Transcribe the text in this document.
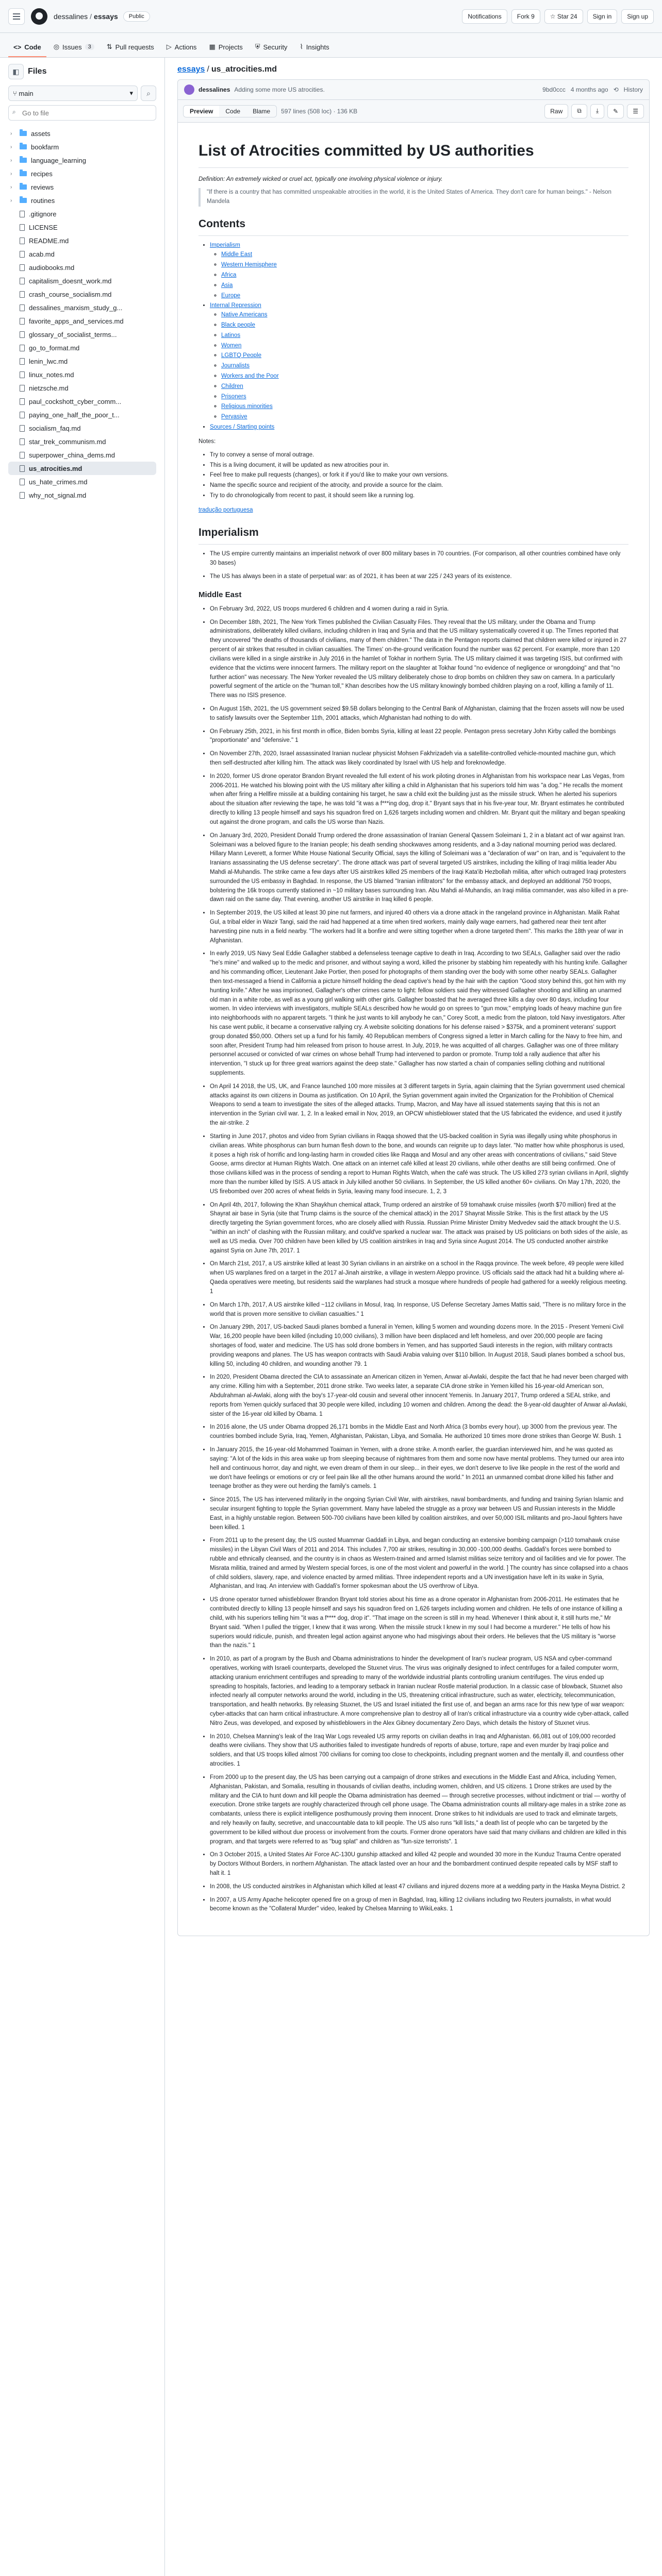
dessalines / essays	Public	Notifications	Fork
9	☆
Star
24	Sign in	Sign up
<> Code ◎ Issues	3	⇅ Pull requests ▷ Actions ▦ Projects ⛨ Security ⌇ Insights
◧	Files
⑂ main	▾	⌕
⌕
Go to file
›	assets
›	bookfarm
›	language_learning
›	recipes
›	reviews
›	routines
.gitignore
LICENSE
README.md
acab.md
audiobooks.md
capitalism_doesnt_work.md
crash_course_socialism.md
dessalines_marxism_study_g...
favorite_apps_and_services.md
glossary_of_socialist_terms...
go_to_format.md
lenin_lwc.md
linux_notes.md
nietzsche.md
paul_cockshott_cyber_comm...
paying_one_half_the_poor_t...
socialism_faq.md
star_trek_communism.md
superpower_china_dems.md
us_atrocities.md
us_hate_crimes.md
why_not_signal.md
essays / us_atrocities.md
dessalines Adding some more US atrocities.	9bd0ccc 4 months ago ⟲ History
Preview	Code	Blame	597 lines (508 loc) · 136 KB	Raw	⧉	⤓	✎	☰
List of Atrocities committed by US authorities

Definition: An extremely wicked or cruel act, typically one involving physical violence or injury.

"If there is a country that has committed unspeakable atrocities in the world, it is the United States of America. They don't care for human beings." - Nelson Mandela
Contents
• Imperialism
◦ Middle East
◦ Western Hemisphere
◦ Africa
◦ Asia
◦ Europe
• Internal Repression
◦ Native Americans
◦ Black people
◦ Latinos
◦ Women
◦ LGBTQ People
◦ Journalists
◦ Workers and the Poor
◦ Children
◦ Prisoners
◦ Religious minorities
◦ Pervasive
• Sources / Starting points

Notes:

• Try to convey a sense of moral outrage.
• This is a living document, it will be updated as new atrocities pour in.
• Feel free to make pull requests (changes), or fork it if you'd like to make your own versions.
• Name the specific source and recipient of the atrocity, and provide a source for the claim.
• Try to do chronologically from recent to past, it should seem like a running log.

tradução portuguesa

Imperialism
• The US empire currently maintains an imperialist network of over 800 military bases in 70 countries. (For comparison, all other countries combined have only 30 bases)
• The US has always been in a state of perpetual war: as of 2021, it has been at war 225 / 243 years of its existence.
Middle East
• On February 3rd, 2022, US troops murdered 6 children and 4 women during a raid in Syria.
• On December 18th, 2021, The New York Times published the Civilian Casualty Files. They reveal that the US military, under the Obama and Trump administrations, deliberately killed civilians, including children in Iraq and Syria and that the US military systematically covered it up. The Times reported that they uncovered "the deaths of thousands of civilians, many of them children." The data in the Pentagon reports claimed that children were killed or injured in 27 percent of air strikes that resulted in civilian casualties. The Times' on-the-ground verification found the number was 62 percent. For example, more than 120 civilians were killed in a single airstrike in July 2016 in the hamlet of Tokhar in northern Syria. The US military claimed it was targeting ISIS, but confirmed with evidence that the victims were innocent farmers. The military report on the slaughter at Tokhar found "no evidence of negligence or wrongdoing" and that "no further action" was necessary. The New Yorker revealed the US military deliberately chose to drop bombs on children they saw on camera. In a particularly powerful segment of the article on the "human toll," Khan describes how the US military knowingly bombed children playing on a roof, killing a family of 11. There was no ISIS presence.
• On August 15th, 2021, the US government seized $9.5B dollars belonging to the Central Bank of Afghanistan, claiming that the frozen assets will now be used to satisfy lawsuits over the September 11th, 2001 attacks, which Afghanistan had nothing to do with.
• On February 25th, 2021, in his first month in office, Biden bombs Syria, killing at least 22 people. Pentagon press secretary John Kirby called the bombings "proportionate" and "defensive." 1
• On November 27th, 2020, Israel assassinated Iranian nuclear physicist Mohsen Fakhrizadeh via a satellite-controlled vehicle-mounted machine gun, which then self-destructed after killing him. The attack was likely coordinated by Israel with US help and foreknowledge.
• In 2020, former US drone operator Brandon Bryant revealed the full extent of his work piloting drones in Afghanistan from his workspace near Las Vegas, from 2006-2011. He watched his blowing point with the US military after killing a child in Afghanistan that his superiors told him was "a dog." He recalls the moment when after firing a Hellfire missile at a building containing his target, he saw a child exit the building just as the missile struck. When he alerted his superiors about the situation after reviewing the tape, he was told "it was a f***ing dog, drop it." Bryant says that in his five-year tour, Mr. Bryant estimates he contributed directly to killing 13 people himself and says his squadron fired on 1,626 targets including women and children. Mr. Bryant quit the military and began speaking out against the drone program, and calls the US worse than Nazis.
• On January 3rd, 2020, President Donald Trump ordered the drone assassination of Iranian General Qassem Soleimani 1, 2 in a blatant act of war against Iran. Soleimani was a beloved figure to the Iranian people; his death sending shockwaves among residents, and a 3-day national mourning period was declared. Hillary Mann Leverett, a former White House National Security Official, says the killing of Soleimani was a "declaration of war" on Iran, and is "equivalent to the Iranians assassinating the US defense secretary". The drone attack was part of several targeted US airstrikes, including the killing of Iraqi militia leader Abu Mahdi al-Muhandis. The strike came a few days after US airstrikes killed 25 members of the Iraqi Kata'ib Hezbollah militia, after which outraged Iraqi protesters surrounded the US embassy in Baghdad. In response, the US blamed "Iranian infiltrators" for the embassy attack, and deployed an additional 750 troops, bolstering the 16k troops currently stationed in ~10 military bases surrounding Iran. Abu Mahdi al-Muhandis, an Iraqi militia commander, was also killed in a pre-dawn raid on the same day. That evening, another US airstrike in Iraq killed 6 people.
• In September 2019, the US killed at least 30 pine nut farmers, and injured 40 others via a drone attack in the rangeland province in Afghanistan. Malik Rahat Gul, a tribal elder in Wazir Tangi, said the raid had happened at a time when tired workers, mainly daily wage earners, had gathered near their tent after harvesting pine nuts in a field nearby. "The workers had lit a bonfire and were sitting together when a drone targeted them". This marks the 18th year of war in Afghanistan.
• In early 2019, US Navy Seal Eddie Gallagher stabbed a defenseless teenage captive to death in Iraq. According to two SEALs, Gallagher said over the radio "he's mine" and walked up to the medic and prisoner, and without saying a word, killed the prisoner by stabbing him repeatedly with his hunting knife. Gallagher and his commanding officer, Lieutenant Jake Portier, then posed for photographs of them standing over the body with some other nearby SEALs. Gallagher then text-messaged a friend in California a picture himself holding the dead captive's head by the hair with the caption "Good story behind this, got him with my hunting knife." After he was imprisoned, Gallagher's other crimes came to light: fellow soldiers said they witnessed Gallagher shooting and killing an unarmed old man in a white robe, as well as a young girl walking with other girls. Gallagher boasted that he averaged three kills a day over 80 days, including four women. In video interviews with investigators, multiple SEALs described how he would go on sprees to "gun mow," emptying loads of heavy machine gun fire into neighborhoods with no apparent targets. "I think he just wants to kill anybody he can," Corey Scott, a medic from the platoon, told Navy investigators. After his case went public, it became a conservative rallying cry. A website soliciting donations for his defense raised > $375k, and a prominent veterans' support group donated $50,000. Others set up a fund for his family. 40 Republican members of Congress signed a letter in March calling for the Navy to free him, and soon after, President Trump had him released from prison to house arrest. In July, 2019, he was acquitted of all charges. Gallagher was one of three military personnel accused or convicted of war crimes on whose behalf Trump had intervened to pardon or promote. Trump told a rally audience that after his intervention, "I stuck up for three great warriors against the deep state." Gallagher has now started a chain of companies selling clothing and nutritional supplements.
• On April 14 2018, the US, UK, and France launched 100 more missiles at 3 different targets in Syria, again claiming that the Syrian government used chemical attacks against its own citizens in Douma as justification. On 10 April, the Syrian government again invited the Organization for the Prohibition of Chemical Weapons to send a team to investigate the sites of the alleged attacks. Trump, Macron, and May have all issued statements saying that this is not an intervention in the Syrian civil war. 1, 2. In a leaked email in Nov, 2019, an OPCW whistleblower stated that the US fabricated the evidence, and used it justify the air-strike. 2
• Starting in June 2017, photos and video from Syrian civilians in Raqqa showed that the US-backed coalition in Syria was illegally using white phosphorus in civilian areas. White phosphorus can burn human flesh down to the bone, and wounds can reignite up to days later. "No matter how white phosphorus is used, it poses a high risk of horrific and long-lasting harm in crowded cities like Raqqa and Mosul and any other areas with concentrations of civilians," said Steve Goose, arms director at Human Rights Watch. One attack on an internet café killed at least 20 civilians, while other deaths are still being confirmed. One of those civilians killed was in the process of sending a report to Human Rights Watch, when the café was struck. The US killed 273 syrian civilians in April, slightly more than the number killed by ISIS. A US attack in July killed another 50 civilians. In September, the US killed another 60+ civilians. On May 17th, 2020, the US firebombed over 200 acres of wheat fields in Syria, leaving many food insecure. 1, 2, 3
• On April 4th, 2017, following the Khan Shaykhun chemical attack, Trump ordered an airstrike of 59 tomahawk cruise missiles (worth $70 million) fired at the Shayrat air base in Syria (site that Trump claims is the source of the chemical attack) in the 2017 Shayrat Missile Strike. This is the first attack by the US directly targeting the Syrian government forces, who are closely allied with Russia. Russian Prime Minister Dmitry Medvedev said the attack brought the U.S. "within an inch" of clashing with the Russian military, and could've sparked a nuclear war. The attack was praised by US politicians on both sides of the aisle, as well as US media. Over 700 children have been killed by US coalition airstrikes in Iraq and Syria since August 2014. The US conducted another airstrike against Syria on June 7th, 2017. 1
• On March 21st, 2017, a US airstrike killed at least 30 Syrian civilians in an airstrike on a school in the Raqqa province. The week before, 49 people were killed when US warplanes fired on a target in the 2017 al-Jinah airstrike, a village in western Aleppo province. US officials said the attack had hit a building where al-Qaeda operatives were meeting, but residents said the warplanes had struck a mosque where hundreds of people had gathered for a weekly religious meeting. 1
• On March 17th, 2017, A US airstrike killed ~112 civilians in Mosul, Iraq. In response, US Defense Secretary James Mattis said, "There is no military force in the world that is proven more sensitive to civilian casualties." 1
• On January 29th, 2017, US-backed Saudi planes bombed a funeral in Yemen, killing 5 women and wounding dozens more. In the 2015 - Present Yemeni Civil War, 16,200 people have been killed (including 10,000 civilians), 3 million have been displaced and left homeless, and over 200,000 people are facing shortages of food, water and medicine. The US has sold drone bombers in Yemen, and has supported Saudi interests in the region, with military contracts providing weapons and planes. The US has weapon contracts with Saudi Arabia valuing over $110 billion. In August 2018, Saudi planes bombed a school bus, killing 50, including 40 children, and wounding another 79. 1
• In 2020, President Obama directed the CIA to assassinate an American citizen in Yemen, Anwar al-Awlaki, despite the fact that he had never been charged with any crime. Killing him with a September, 2011 drone strike. Two weeks later, a separate CIA drone strike in Yemen killed his 16-year-old American son, Abdulrahman al-Awlaki, along with the boy's 17-year-old cousin and several other innocent Yemenis. In January 2017, Trump ordered a SEAL strike, and reports from Yemen quickly surfaced that 30 people were killed, including 10 women and children. Among the dead: the 8-year-old daughter of Anwar al-Awlaki, sister of the 16-year old killed by Obama. 1
• In 2016 alone, the US under Obama dropped 26,171 bombs in the Middle East and North Africa (3 bombs every hour), up 3000 from the previous year. The countries bombed include Syria, Iraq, Yemen, Afghanistan, Pakistan, Libya, and Somalia. He authorized 10 times more drone strikes than George W. Bush. 1
• In January 2015, the 16-year-old Mohammed Toaiman in Yemen, with a drone strike. A month earlier, the guardian interviewed him, and he was quoted as saying: "A lot of the kids in this area wake up from sleeping because of nightmares from them and some now have mental problems. They turned our area into hell and continuous horror, day and night, we even dream of them in our sleep... in their eyes, we don't deserve to live like people in the rest of the world and we don't have feelings or emotions or cry or feel pain like all the other humans around the world." In 2011 an unmanned combat drone killed his father and teenage brother as they were out herding the family's camels. 1
• Since 2015, The US has intervened militarily in the ongoing Syrian Civil War, with airstrikes, naval bombardments, and funding and training Syrian Islamic and secular insurgent fighting to topple the Syrian government. Many have labeled the struggle as a proxy war between US and Russian interests in the Middle East, in a highly unstable region. Between 500-700 civilians have been killed by coalition airstrikes, and over 50,000 ISIL militants and pro-Jaoul fighters have been killed. 1
• From 2011 up to the present day, the US ousted Muammar Gaddafi in Libya, and began conducting an extensive bombing campaign (>110 tomahawk cruise missiles) in the Libyan Civil Wars of 2011 and 2014. This includes 7,700 air strikes, resulting in 30,000 -100,000 deaths. Gaddafi's forces were bombed to rubble and ethnically cleansed, and the country is in chaos as Western-trained and armed Islamist militias seize territory and oil facilities and vie for power. The Misrata militia, trained and armed by Western special forces, is one of the most violent and powerful in the world. ] The country has since collapsed into a chaos of child soldiers, slavery, rape, and violence enacted by armed militias. Three independent reports and a UN investigation have left in its wake in Syria, Afghanistan, and Iraq. An interview with Gaddafi's former spokesman about the US overthrow of Libya.
• US drone operator turned whistleblower Brandon Bryant told stories about his time as a drone operator in Afghanistan from 2006-2011. He estimates that he contributed directly to killing 13 people himself and says his squadron fired on 1,626 targets including women and children. He tells of one instance of killing a child, with his superiors telling him "it was a f**** dog, drop it". "That image on the screen is still in my head. Whenever I think about it, it still hurts me," Mr Bryant said. "When I pulled the trigger, I knew that it was wrong. When the missile struck I knew in my soul I had become a murderer." He tells of how his superiors would ridicule, punish, and threaten legal action against anyone who had misgivings about their orders. He believes that the US military is "worse than the nazis." 1
• In 2010, as part of a program by the Bush and Obama administrations to hinder the development of Iran's nuclear program, US NSA and cyber-command operatives, working with Israeli counterparts, developed the Stuxnet virus. The virus was originally designed to infect centrifuges for a failed computer worm, attacking uranium enrichment centrifuges and spreading to many of the worldwide industrial plants controlling uranium centrifuges. The virus ended up spreading to hospitals, factories, and leading to a temporary setback in Iranian nuclear Rostle material production. In a classic case of blowback, Stuxnet also infected nearly all computer networks around the world, including in the US, threatening critical infrastructure, such as water, electricity, telecommunication, transportation, and health networks. By releasing Stuxnet, the US and Israel initiated the first use of, and began an arms race for this new type of war weapon: cyber-attacks that can harm critical infrastructure. A more comprehensive plan to destroy all of Iran's critical infrastructure via a country wide cyber-attack, called Nitro Zeus, was developed, and exposed by whistleblowers in the Alex Gibney documentary Zero Days, which details the history of Stuxnet virus.
• In 2010, Chelsea Manning's leak of the Iraq War Logs revealed US army reports on civilian deaths in Iraq and Afghanistan. 66,081 out of 109,000 recorded deaths were civilians. They show that US authorities failed to investigate hundreds of reports of abuse, torture, rape and even murder by Iraqi police and soldiers, and that US troops killed almost 700 civilians for coming too close to checkpoints, including pregnant women and the mentally ill, and countless other atrocities. 1
• From 2000 up to the present day, the US has been carrying out a campaign of drone strikes and executions in the Middle East and Africa, including Yemen, Afghanistan, Pakistan, and Somalia, resulting in thousands of civilian deaths, including women, children, and US citizens. 1 Drone strikes are used by the military and the CIA to hunt down and kill people the Obama administration has deemed — through secretive processes, without indictment or trial — worthy of execution. Drone strike targets are roughly characterized through cell phone usage. The Obama administration counts all military-age males in a strike zone as combatants, unless there is explicit intelligence posthumously proving them innocent. Drone strikes to hit individuals are used to track and eliminate targets, and rely heavily on faulty, secretive, and unaccountable data to kill people. The US also runs "kill lists," a death list of people who can be targeted by the government to be killed without due process or involvement from the courts. Former drone operators have said that many civilians and children are killed in this program, and that targets were referred to as "bug splat" and children as "fun-size terrorists". 1
• On 3 October 2015, a United States Air Force AC-130U gunship attacked and killed 42 people and wounded 30 more in the Kunduz Trauma Centre operated by Doctors Without Borders, in northern Afghanistan. The attack lasted over an hour and the bombardment continued despite repeated calls by MSF staff to halt it. 1
• In 2008, the US conducted airstrikes in Afghanistan which killed at least 47 civilians and injured dozens more at a wedding party in the Haska Meyna District. 2
• In 2007, a US Army Apache helicopter opened fire on a group of men in Baghdad, Iraq, killing 12 civilians including two Reuters journalists, in what would become known as the "Collateral Murder" video, leaked by Chelsea Manning to WikiLeaks. 1
